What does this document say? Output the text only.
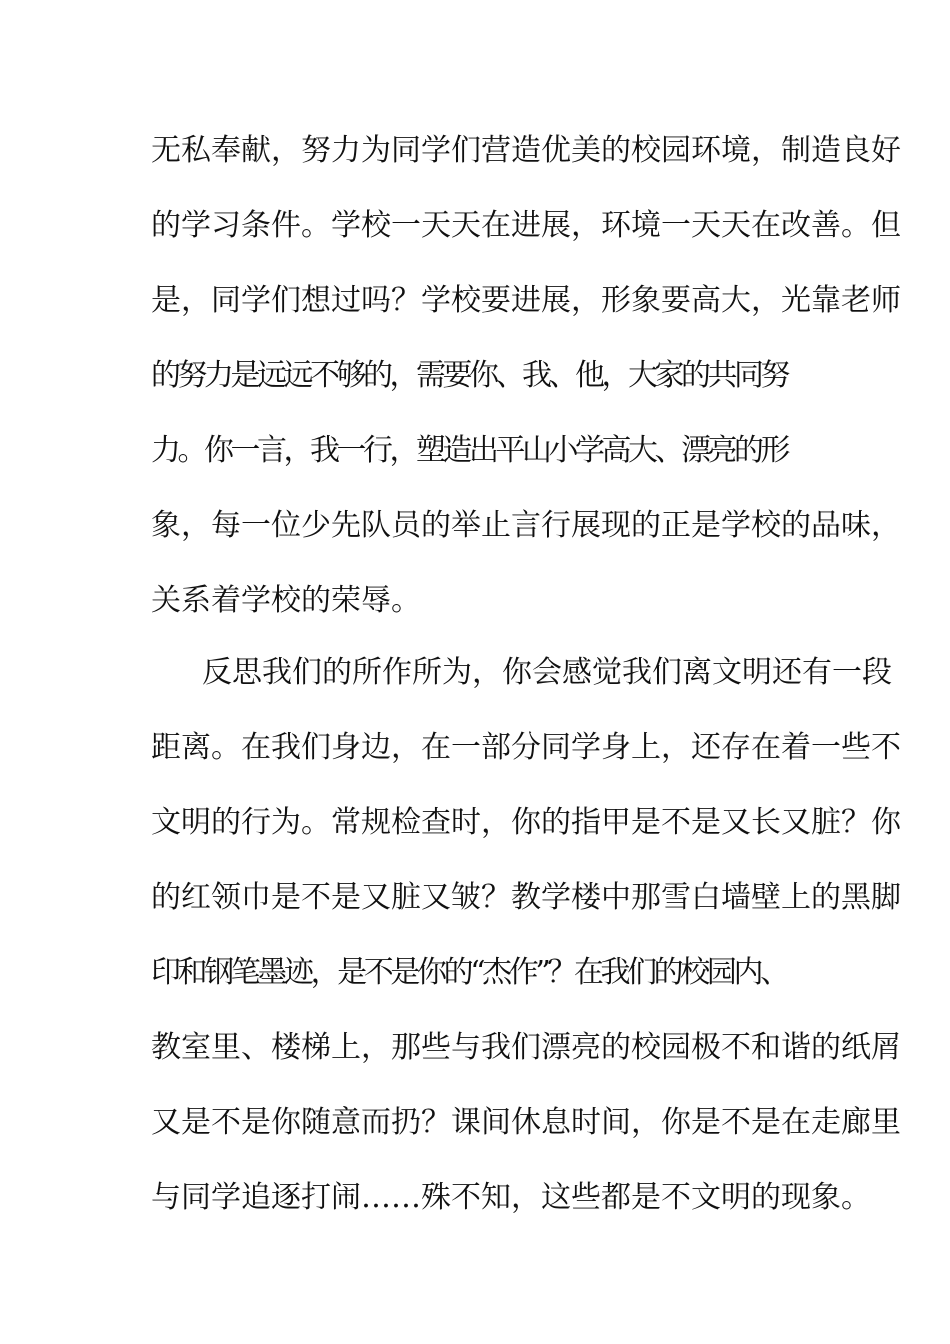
无私奉献，努力为同学们营造优美的校园环境，制造良好
的学习条件。学校一天天在进展，环境一天天在改善。但
是，同学们想过吗？学校要进展，形象要高大，光靠老师
的努力是远远不够的，需要你、我、他，大家的共同努
力。你一言，我一行，塑造出平山小学高大、漂亮的形
象，每一位少先队员的举止言行展现的正是学校的品味，
关系着学校的荣辱。
反思我们的所作所为，你会感觉我们离文明还有一段
距离。在我们身边，在一部分同学身上，还存在着一些不
文明的行为。常规检查时，你的指甲是不是又长又脏？你
的红领巾是不是又脏又皱？教学楼中那雪白墙壁上的黑脚
印和钢笔墨迹，是不是你的“杰作”？在我们的校园内、
教室里、楼梯上，那些与我们漂亮的校园极不和谐的纸屑
又是不是你随意而扔？课间休息时间，你是不是在走廊里
与同学追逐打闹……殊不知，这些都是不文明的现象。
